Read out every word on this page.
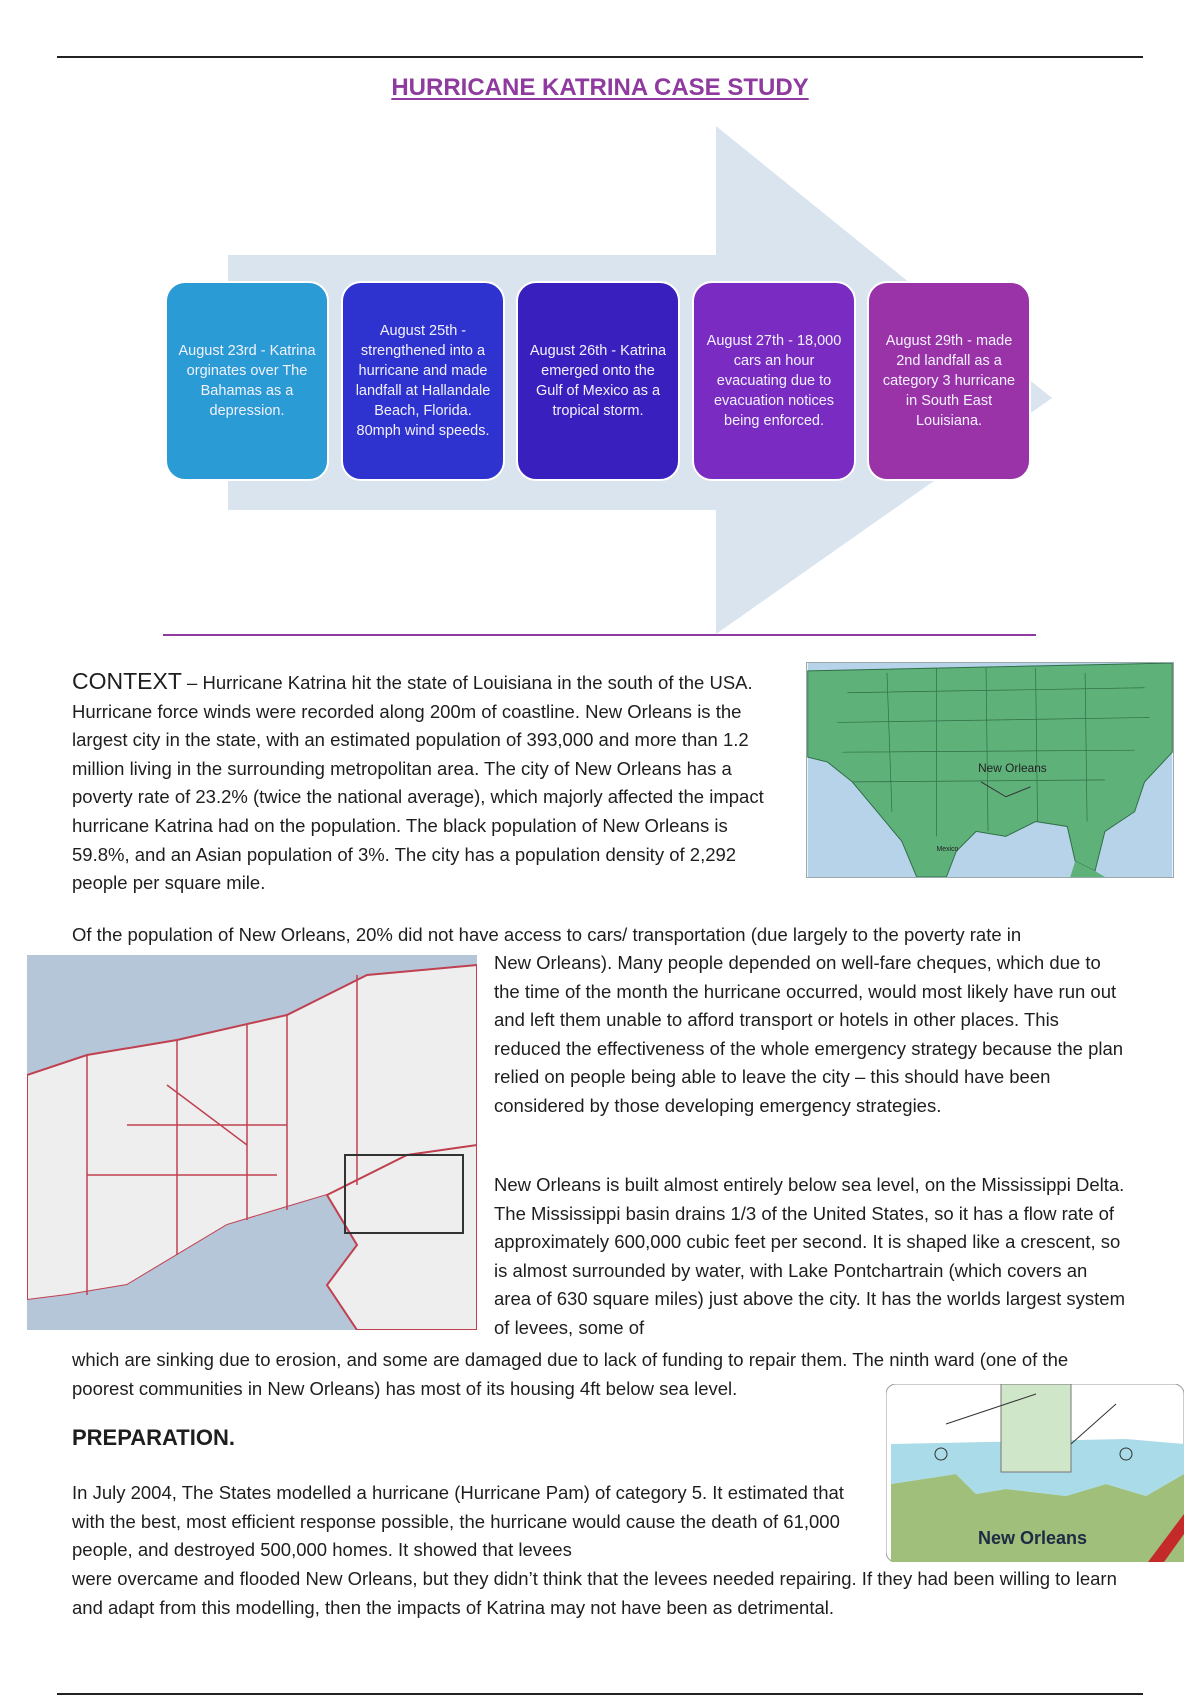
HURRICANE KATRINA CASE STUDY
August 23rd - Katrina orginates over The Bahamas as a depression.
August 25th - strengthened into a hurricane and made landfall at Hallandale Beach, Florida. 80mph wind speeds.
August 26th - Katrina emerged onto the Gulf of Mexico as a tropical storm.
August 27th - 18,000 cars an hour evacuating due to evacuation notices being enforced.
August 29th - made 2nd landfall as a category 3 hurricane in South East Louisiana.

CONTEXT – Hurricane Katrina hit the state of Louisiana in the south of the USA. Hurricane force winds were recorded along 200m of coastline. New Orleans is the largest city in the state, with an estimated population of 393,000 and more than 1.2 million living in the surrounding metropolitan area. The city of New Orleans has a poverty rate of 23.2% (twice the national average), which majorly affected the impact hurricane Katrina had on the population. The black population of New Orleans is 59.8%, and an Asian population of 3%. The city has a population density of 2,292 people per square mile.

New Orleans
Mexico

Of the population of New Orleans, 20% did not have access to cars/ transportation (due largely to the poverty rate in

New Orleans). Many people depended on well-fare cheques, which due to the time of the month the hurricane occurred, would most likely have run out and left them unable to afford transport or hotels in other places. This reduced the effectiveness of the whole emergency strategy because the plan relied on people being able to leave the city – this should have been considered by those developing emergency strategies.

New Orleans is built almost entirely below sea level, on the Mississippi Delta. The Mississippi basin drains 1/3 of the United States, so it has a flow rate of approximately 600,000 cubic feet per second. It is shaped like a crescent, so is almost surrounded by water, with Lake Pontchartrain (which covers an area of 630 square miles) just above the city. It has the worlds largest system of levees, some of

which are sinking due to erosion, and some are damaged due to lack of funding to repair them. The ninth ward (one of the poorest communities in New Orleans) has most of its housing 4ft below sea level.

New Orleans
PREPARATION.

In July 2004, The States modelled a hurricane (Hurricane Pam) of category 5. It estimated that with the best, most efficient response possible, the hurricane would cause the death of 61,000 people, and destroyed 500,000 homes. It showed that levees

were overcame and flooded New Orleans, but they didn’t think that the levees needed repairing. If they had been willing to learn and adapt from this modelling, then the impacts of Katrina may not have been as detrimental.
